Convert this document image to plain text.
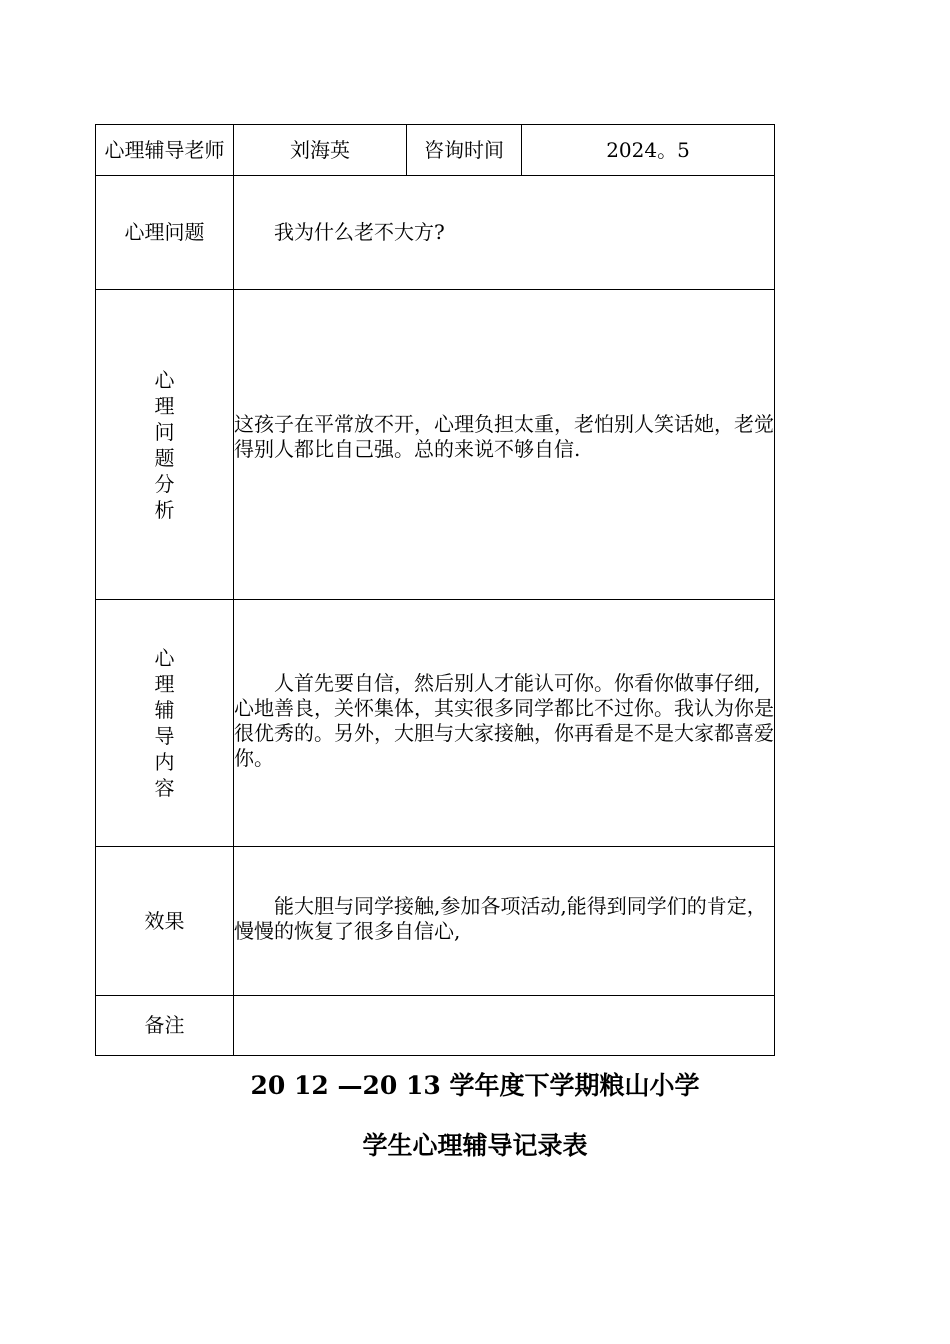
心理辅导老师	刘海英	咨询时间	2024。5
心理问题	我为什么老不大方?		

心理问题分析	这孩子在平常放不开，心理负担太重，老怕别人笑话她，老觉得别人都比自己强。总的来说不够自信.		

心理辅导内容	人首先要自信，然后别人才能认可你。你看你做事仔细,心地善良，关怀集体，其实很多同学都比不过你。我认为你是很优秀的。另外，大胆与大家接触，你再看是不是大家都喜爱你。		

效果	能大胆与同学接触,参加各项活动,能得到同学们的肯定，慢慢的恢复了很多自信心,		

备注			
20 12 —20 13 学年度下学期粮山小学
学生心理辅导记录表
